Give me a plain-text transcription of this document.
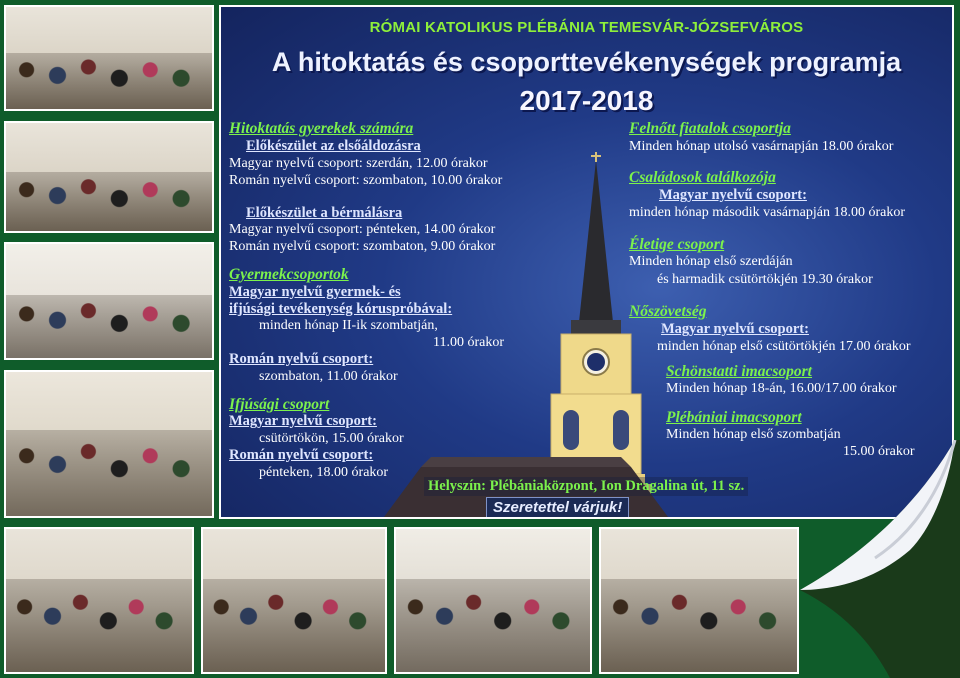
RÓMAI KATOLIKUS PLÉBÁNIA TEMESVÁR-JÓZSEFVÁROS
A hitoktatás és csoporttevékenységek programja
2017-2018
Hitoktatás gyerekek számára
Előkészület az elsőáldozásra
Magyar nyelvű csoport: szerdán, 12.00 órakor
Román nyelvű csoport: szombaton, 10.00 órakor
Előkészület a bérmálásra
Magyar nyelvű csoport: pénteken, 14.00 órakor
Román nyelvű csoport: szombaton, 9.00 órakor
Gyermekcsoportok
Magyar nyelvű gyermek- és
ifjúsági tevékenység kórusprόbával:
minden hónap II-ik szombatján,
11.00 órakor
Román nyelvű csoport:
szombaton, 11.00 órakor
Ifjúsági csoport
Magyar nyelvű csoport:
csütörtökön, 15.00 órakor
Román nyelvű csoport:
pénteken, 18.00 órakor
Felnőtt fiatalok csoportja
Minden hónap utolsó vasárnapján 18.00 órakor
Családosok találkozója
Magyar nyelvű csoport:
minden hónap második vasárnapján 18.00 órakor
Életige csoport
Minden hónap első szerdáján
és harmadik csütörtökjén 19.30 órakor
Nőszövetség
Magyar nyelvű csoport:
minden hónap első csütörtökjén 17.00 órakor
Schönstatti imacsoport
Minden hónap 18-án, 16.00/17.00 órakor
Plébániai imacsoport
Minden hónap első szombatján
15.00 órakor
Helyszín: Plébániaközpont, Ion Dragalina út, 11 sz.
Szeretettel várjuk!
